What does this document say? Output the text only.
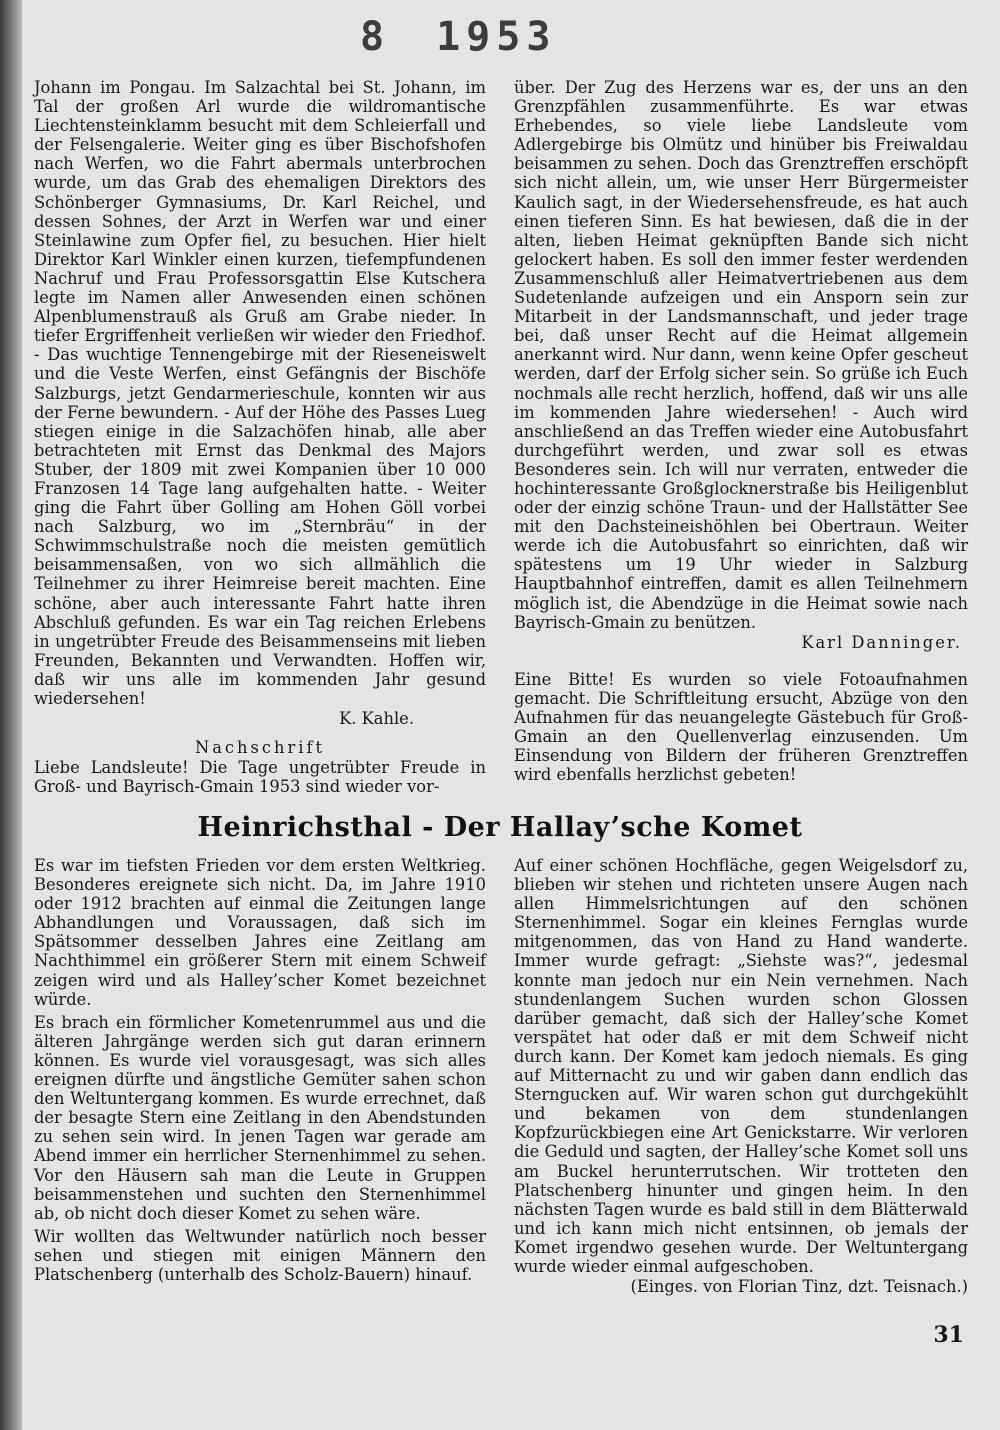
8 1953

Johann im Pongau. Im Salzachtal bei St. Johann, im Tal der großen Arl wurde die wildromantische Liechtensteinklamm besucht mit dem Schleierfall und der Felsengalerie. Weiter ging es über Bischofshofen nach Werfen, wo die Fahrt abermals unterbrochen wurde, um das Grab des ehemaligen Direktors des Schönberger Gymnasiums, Dr. Karl Reichel, und dessen Sohnes, der Arzt in Werfen war und einer Steinlawine zum Opfer fiel, zu besuchen. Hier hielt Direktor Karl Winkler einen kurzen, tiefempfundenen Nachruf und Frau Professorsgattin Else Kutschera legte im Namen aller Anwesenden einen schönen Alpenblumenstrauß als Gruß am Grabe nieder. In tiefer Ergriffenheit verließen wir wieder den Friedhof. - Das wuchtige Tennengebirge mit der Rieseneiswelt und die Veste Werfen, einst Gefängnis der Bischöfe Salzburgs, jetzt Gendarmerieschule, konnten wir aus der Ferne bewundern. - Auf der Höhe des Passes Lueg stiegen einige in die Salzachöfen hinab, alle aber betrachteten mit Ernst das Denkmal des Majors Stuber, der 1809 mit zwei Kompanien über 10 000 Franzosen 14 Tage lang aufgehalten hatte. - Weiter ging die Fahrt über Golling am Hohen Göll vorbei nach Salzburg, wo im „Sternbräu“ in der Schwimmschulstraße noch die meisten gemütlich beisammensaßen, von wo sich allmählich die Teilnehmer zu ihrer Heimreise bereit machten. Eine schöne, aber auch interessante Fahrt hatte ihren Abschluß gefunden. Es war ein Tag reichen Erlebens in ungetrübter Freude des Beisammenseins mit lieben Freunden, Bekannten und Verwandten. Hoffen wir, daß wir uns alle im kommenden Jahr gesund wiedersehen!

K. Kahle.

Nachschrift

Liebe Landsleute! Die Tage ungetrübter Freude in Groß- und Bayrisch-Gmain 1953 sind wieder vor-

über. Der Zug des Herzens war es, der uns an den Grenzpfählen zusammenführte. Es war etwas Erhebendes, so viele liebe Landsleute vom Adlergebirge bis Olmütz und hinüber bis Freiwaldau beisammen zu sehen. Doch das Grenztreffen erschöpft sich nicht allein, um, wie unser Herr Bürgermeister Kaulich sagt, in der Wiedersehensfreude, es hat auch einen tieferen Sinn. Es hat bewiesen, daß die in der alten, lieben Heimat geknüpften Bande sich nicht gelockert haben. Es soll den immer fester werdenden Zusammenschluß aller Heimatvertriebenen aus dem Sudetenlande aufzeigen und ein Ansporn sein zur Mitarbeit in der Landsmannschaft, und jeder trage bei, daß unser Recht auf die Heimat allgemein anerkannt wird. Nur dann, wenn keine Opfer gescheut werden, darf der Erfolg sicher sein. So grüße ich Euch nochmals alle recht herzlich, hoffend, daß wir uns alle im kommenden Jahre wiedersehen! - Auch wird anschließend an das Treffen wieder eine Autobusfahrt durchgeführt werden, und zwar soll es etwas Besonderes sein. Ich will nur verraten, entweder die hochinteressante Großglocknerstraße bis Heiligenblut oder der einzig schöne Traun- und der Hallstätter See mit den Dachsteineishöhlen bei Obertraun. Weiter werde ich die Autobusfahrt so einrichten, daß wir spätestens um 19 Uhr wieder in Salzburg Hauptbahnhof eintreffen, damit es allen Teilnehmern möglich ist, die Abendzüge in die Heimat sowie nach Bayrisch-Gmain zu benützen.

Karl Danninger.

Eine Bitte! Es wurden so viele Fotoaufnahmen gemacht. Die Schriftleitung ersucht, Abzüge von den Aufnahmen für das neuangelegte Gästebuch für Groß-Gmain an den Quellenverlag einzusenden. Um Einsendung von Bildern der früheren Grenztreffen wird ebenfalls herzlichst gebeten!

Heinrichsthal - Der Hallay’sche Komet

Es war im tiefsten Frieden vor dem ersten Weltkrieg. Besonderes ereignete sich nicht. Da, im Jahre 1910 oder 1912 brachten auf einmal die Zeitungen lange Abhandlungen und Voraussagen, daß sich im Spätsommer desselben Jahres eine Zeitlang am Nachthimmel ein größerer Stern mit einem Schweif zeigen wird und als Halley’scher Komet bezeichnet würde.

Es brach ein förmlicher Kometenrummel aus und die älteren Jahrgänge werden sich gut daran erinnern können. Es wurde viel vorausgesagt, was sich alles ereignen dürfte und ängstliche Gemüter sahen schon den Weltuntergang kommen. Es wurde errechnet, daß der besagte Stern eine Zeitlang in den Abendstunden zu sehen sein wird. In jenen Tagen war gerade am Abend immer ein herrlicher Sternenhimmel zu sehen. Vor den Häusern sah man die Leute in Gruppen beisammenstehen und suchten den Sternenhimmel ab, ob nicht doch dieser Komet zu sehen wäre.

Wir wollten das Weltwunder natürlich noch besser sehen und stiegen mit einigen Männern den Platschenberg (unterhalb des Scholz-Bauern) hinauf.

Auf einer schönen Hochfläche, gegen Weigelsdorf zu, blieben wir stehen und richteten unsere Augen nach allen Himmelsrichtungen auf den schönen Sternenhimmel. Sogar ein kleines Fernglas wurde mitgenommen, das von Hand zu Hand wanderte. Immer wurde gefragt: „Siehste was?“, jedesmal konnte man jedoch nur ein Nein vernehmen. Nach stundenlangem Suchen wurden schon Glossen darüber gemacht, daß sich der Halley’sche Komet verspätet hat oder daß er mit dem Schweif nicht durch kann. Der Komet kam jedoch niemals. Es ging auf Mitternacht zu und wir gaben dann endlich das Sterngucken auf. Wir waren schon gut durchgekühlt und bekamen von dem stundenlangen Kopfzurückbiegen eine Art Genickstarre. Wir verloren die Geduld und sagten, der Halley’sche Komet soll uns am Buckel herunterrutschen. Wir trotteten den Platschenberg hinunter und gingen heim. In den nächsten Tagen wurde es bald still in dem Blätterwald und ich kann mich nicht entsinnen, ob jemals der Komet irgendwo gesehen wurde. Der Weltuntergang wurde wieder einmal aufgeschoben.

(Einges. von Florian Tinz, dzt. Teisnach.)

31
